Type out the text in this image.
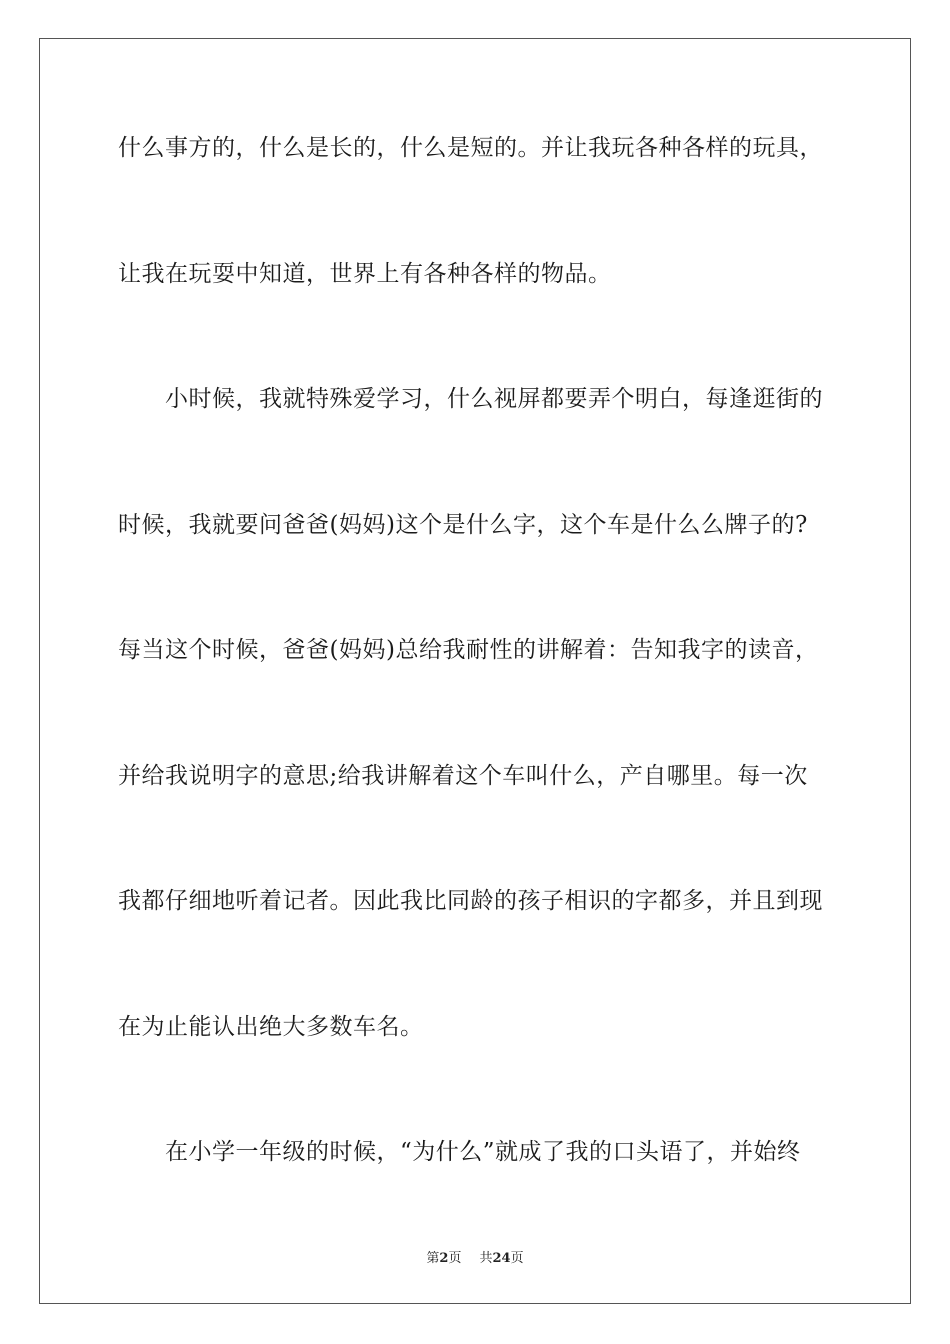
什么事方的，什么是长的，什么是短的。并让我玩各种各样的玩具，
让我在玩耍中知道，世界上有各种各样的物品。
小时候，我就特殊爱学习，什么视屏都要弄个明白，每逢逛街的
时候，我就要问爸爸(妈妈)这个是什么字，这个车是什么么牌子的?
每当这个时候，爸爸(妈妈)总给我耐性的讲解着：告知我字的读音，
并给我说明字的意思;给我讲解着这个车叫什么，产自哪里。每一次
我都仔细地听着记者。因此我比同龄的孩子相识的字都多，并且到现
在为止能认出绝大多数车名。
在小学一年级的时候，“为什么”就成了我的口头语了，并始终
第2页 共24页
